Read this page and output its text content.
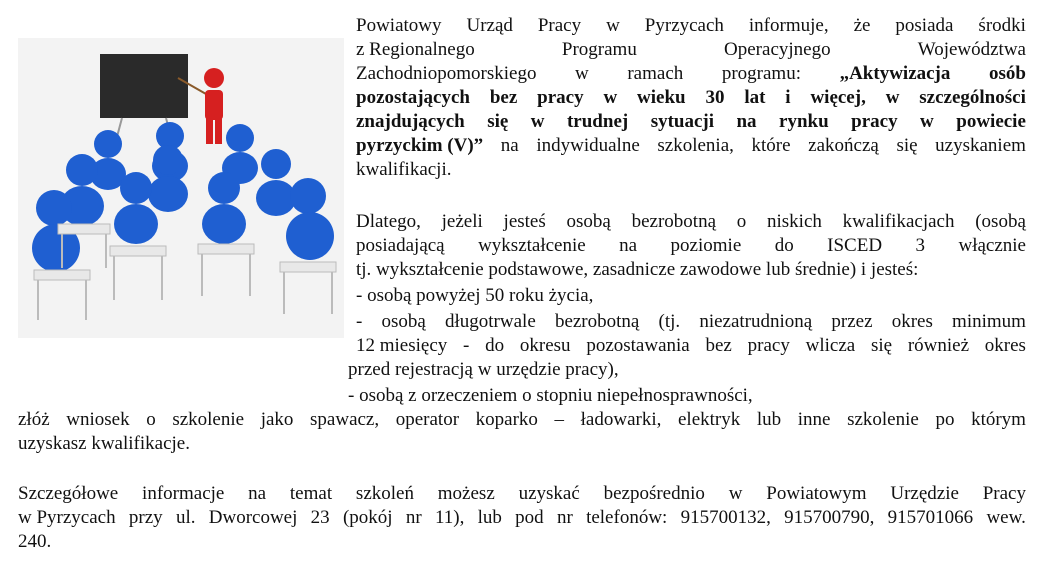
Powiatowy Urząd Pracy w Pyrzycach informuje, że posiada środki
z Regionalnego	Programu	Operacyjnego	Województwa
Zachodniopomorskiego w ramach programu: „Aktywizacja osób
pozostających bez pracy w wieku 30 lat i więcej, w szczególności
znajdujących się w trudnej sytuacji na rynku pracy w powiecie
pyrzyckim (V)” na indywidualne szkolenia, które zakończą się uzyskaniem
kwalifikacji.
Dlatego, jeżeli jesteś osobą bezrobotną o niskich kwalifikacjach (osobą
posiadającą wykształcenie na poziomie do ISCED 3 włącznie
tj. wykształcenie podstawowe, zasadnicze zawodowe lub średnie) i jesteś:
- osobą powyżej 50 roku życia,
- osobą długotrwale bezrobotną (tj. niezatrudnioną przez okres minimum
12 miesięcy - do okresu pozostawania bez pracy wlicza się również okres
przed rejestracją w urzędzie pracy),
- osobą z orzeczeniem o stopniu niepełnosprawności,
złóż wniosek o szkolenie jako spawacz, operator koparko – ładowarki, elektryk lub inne szkolenie po którym
uzyskasz kwalifikacje.
Szczegółowe informacje na temat szkoleń możesz uzyskać bezpośrednio w Powiatowym Urzędzie Pracy
w Pyrzycach przy ul. Dworcowej 23 (pokój nr 11), lub pod nr telefonów: 915700132, 915700790, 915701066 wew.
240.
